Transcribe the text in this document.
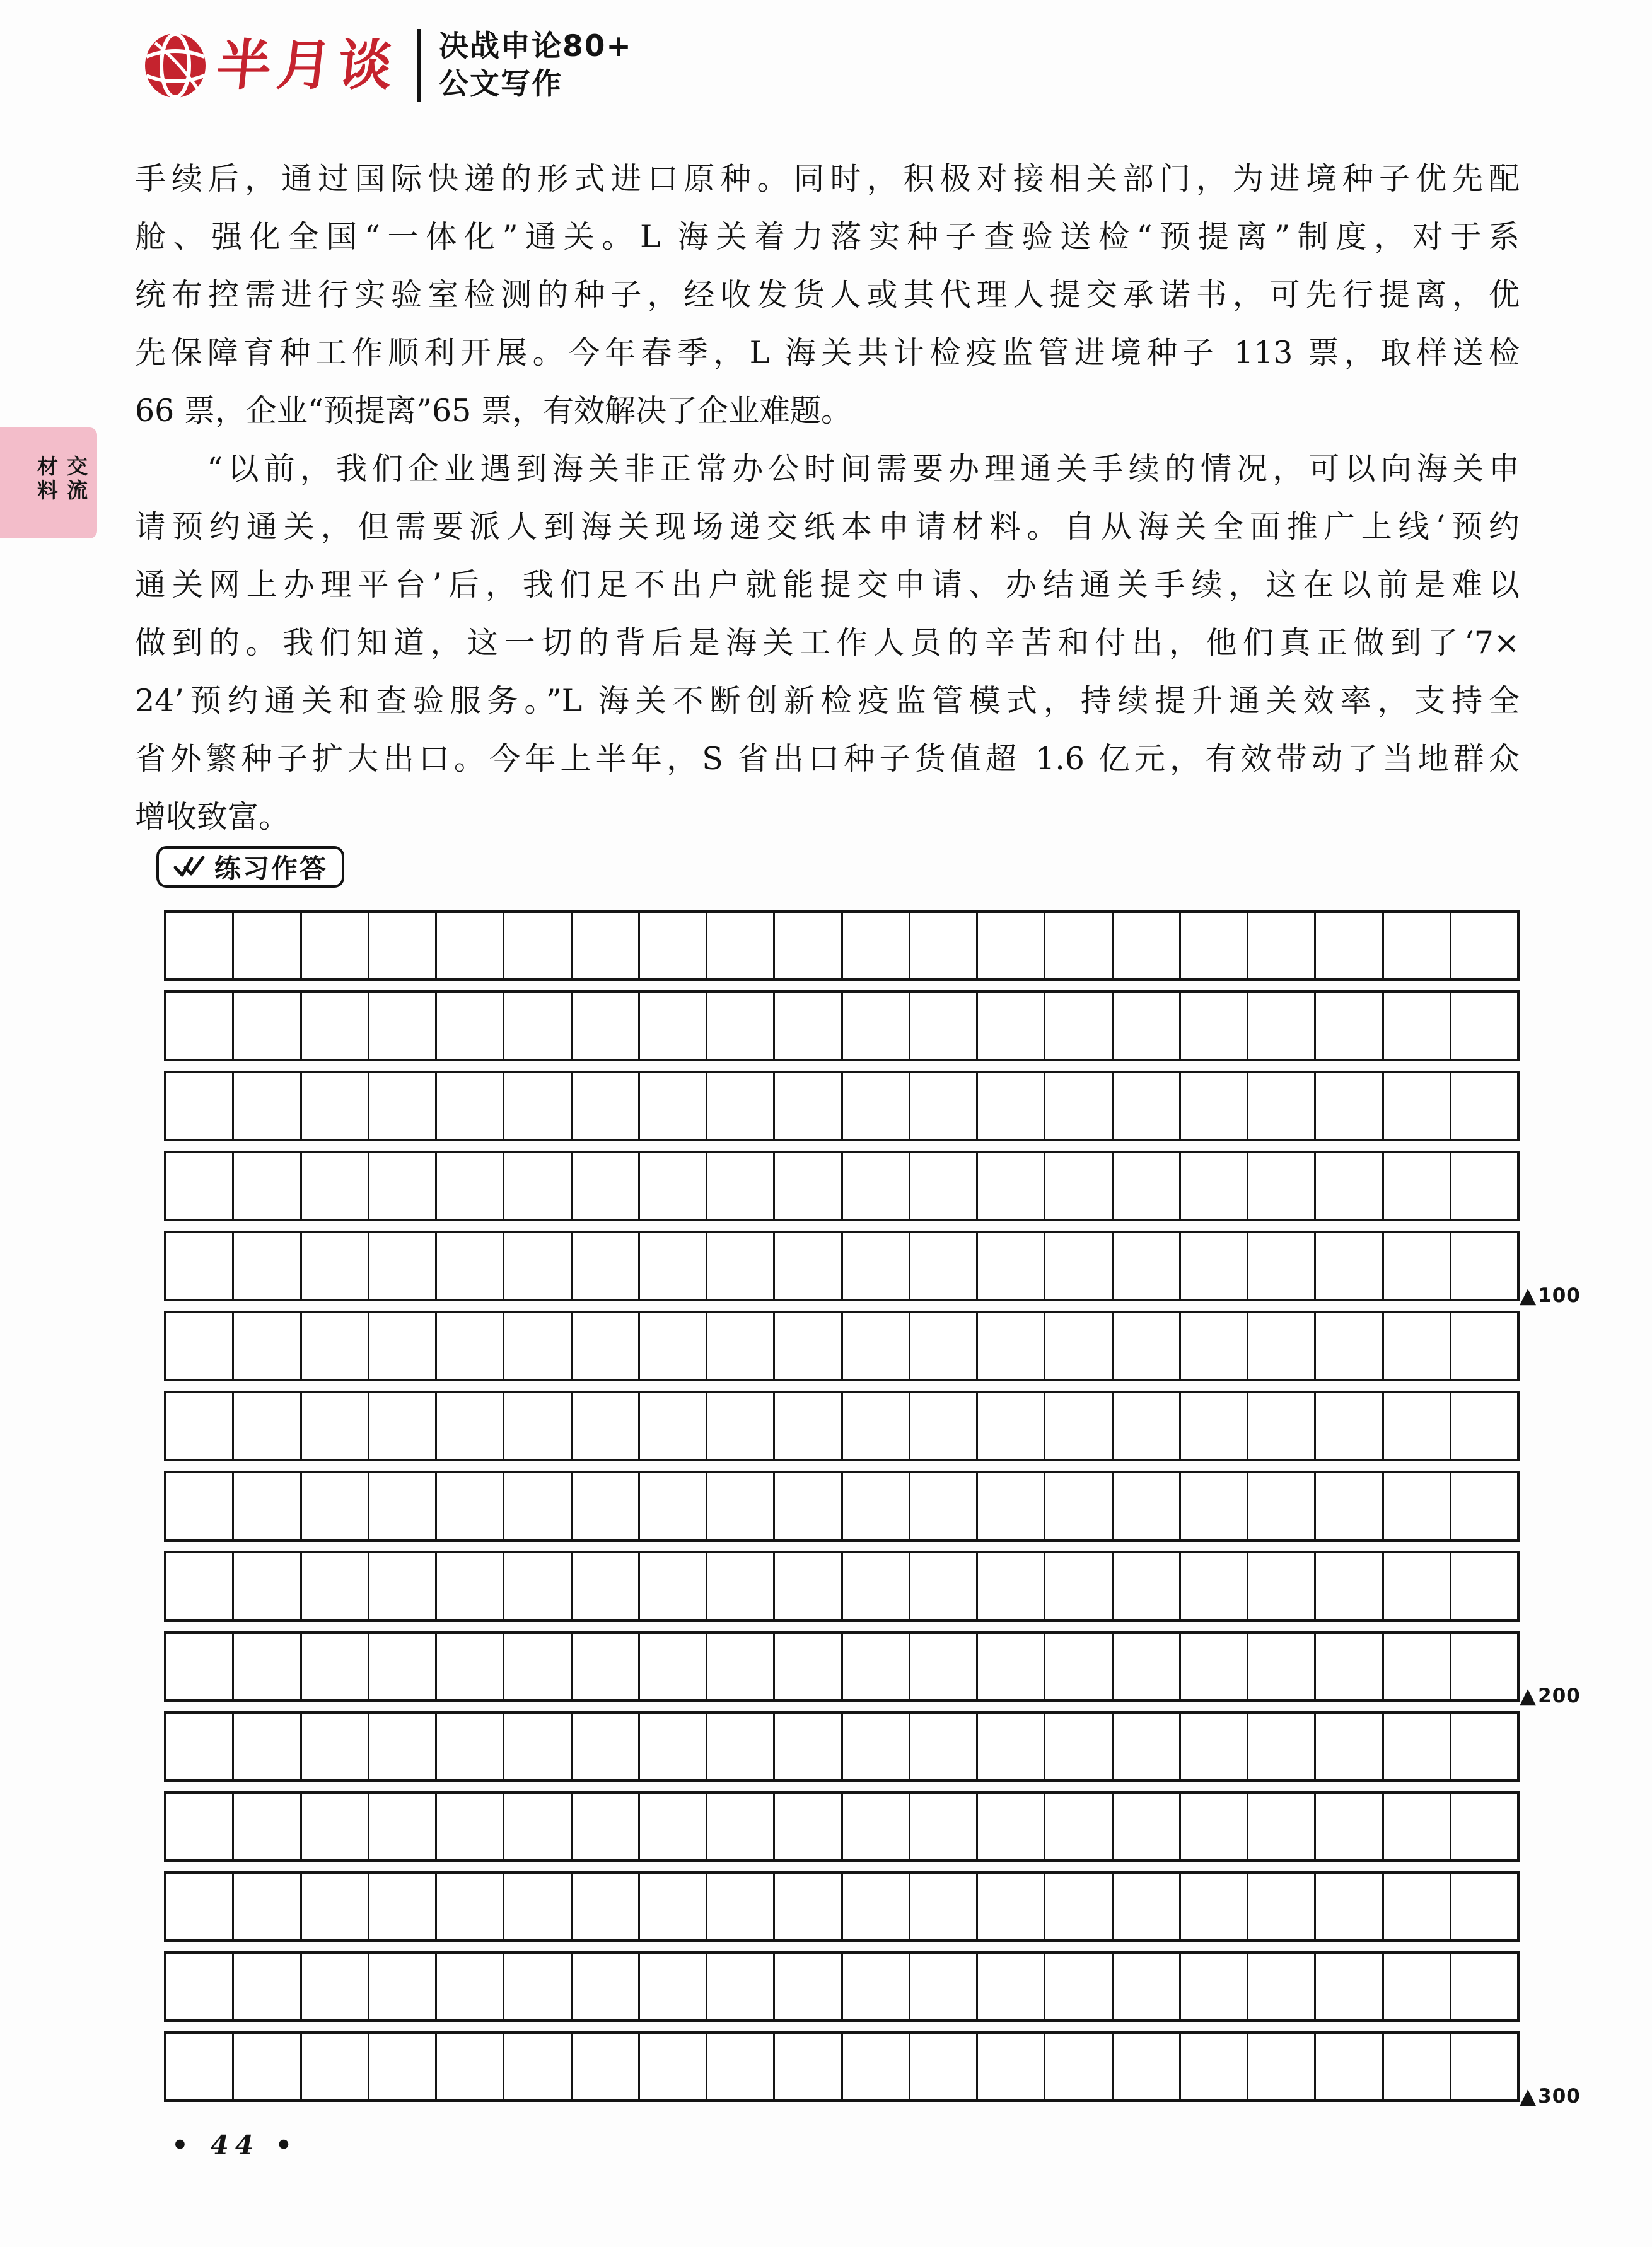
半月谈 决战申论80+
公文写作
交流材料
手续后，通过国际快递的形式进口原种。同时，积极对接相关部门，为进境种子优先配
舱、强化全国“一体化”通关。L 海关着力落实种子查验送检“预提离”制度，对于系
统布控需进行实验室检测的种子，经收发货人或其代理人提交承诺书，可先行提离，优
先保障育种工作顺利开展。今年春季，L 海关共计检疫监管进境种子 113 票，取样送检
66 票，企业“预提离”65 票，有效解决了企业难题。
　　“以前，我们企业遇到海关非正常办公时间需要办理通关手续的情况，可以向海关申
请预约通关，但需要派人到海关现场递交纸本申请材料。自从海关全面推广上线‘预约
通关网上办理平台’后，我们足不出户就能提交申请、办结通关手续，这在以前是难以
做到的。我们知道，这一切的背后是海关工作人员的辛苦和付出，他们真正做到了‘7×
24’预约通关和查验服务。”L 海关不断创新检疫监管模式，持续提升通关效率，支持全
省外繁种子扩大出口。今年上半年，S 省出口种子货值超 1.6 亿元，有效带动了当地群众
增收致富。
练习作答
▲ 100
▲ 200
▲ 300
• 44 •
